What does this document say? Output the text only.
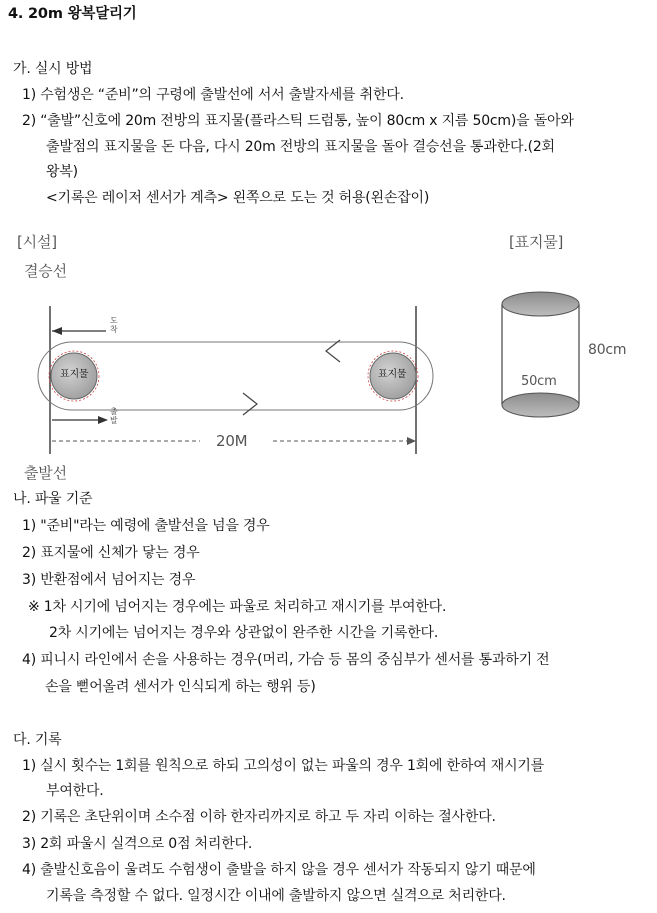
4. 20m 왕복달리기
가. 실시 방법
1) 수험생은 “준비”의 구령에 출발선에 서서 출발자세를 취한다.
2) “출발”신호에 20m 전방의 표지물(플라스틱 드럼통, 높이 80cm x 지름 50cm)을 돌아와
출발점의 표지물을 돈 다음, 다시 20m 전방의 표지물을 돌아 결승선을 통과한다.(2회
왕복)
<기록은 레이저 센서가 계측> 왼쪽으로 도는 것 허용(왼손잡이)
[시설]	[표지물]
결승선
출발선
표지물	표지물
도착
출발
20M
80cm
50cm
나. 파울 기준
1) "준비"라는 예령에 출발선을 넘을 경우
2) 표지물에 신체가 닿는 경우
3) 반환점에서 넘어지는 경우
※ 1차 시기에 넘어지는 경우에는 파울로 처리하고 재시기를 부여한다.
2차 시기에는 넘어지는 경우와 상관없이 완주한 시간을 기록한다.
4) 피니시 라인에서 손을 사용하는 경우(머리, 가슴 등 몸의 중심부가 센서를 통과하기 전
손을 뻗어올려 센서가 인식되게 하는 행위 등)
다. 기록
1) 실시 횟수는 1회를 원칙으로 하되 고의성이 없는 파울의 경우 1회에 한하여 재시기를
부여한다.
2) 기록은 초단위이며 소수점 이하 한자리까지로 하고 두 자리 이하는 절사한다.
3) 2회 파울시 실격으로 0점 처리한다.
4) 출발신호음이 울려도 수험생이 출발을 하지 않을 경우 센서가 작동되지 않기 때문에
기록을 측정할 수 없다. 일정시간 이내에 출발하지 않으면 실격으로 처리한다.
